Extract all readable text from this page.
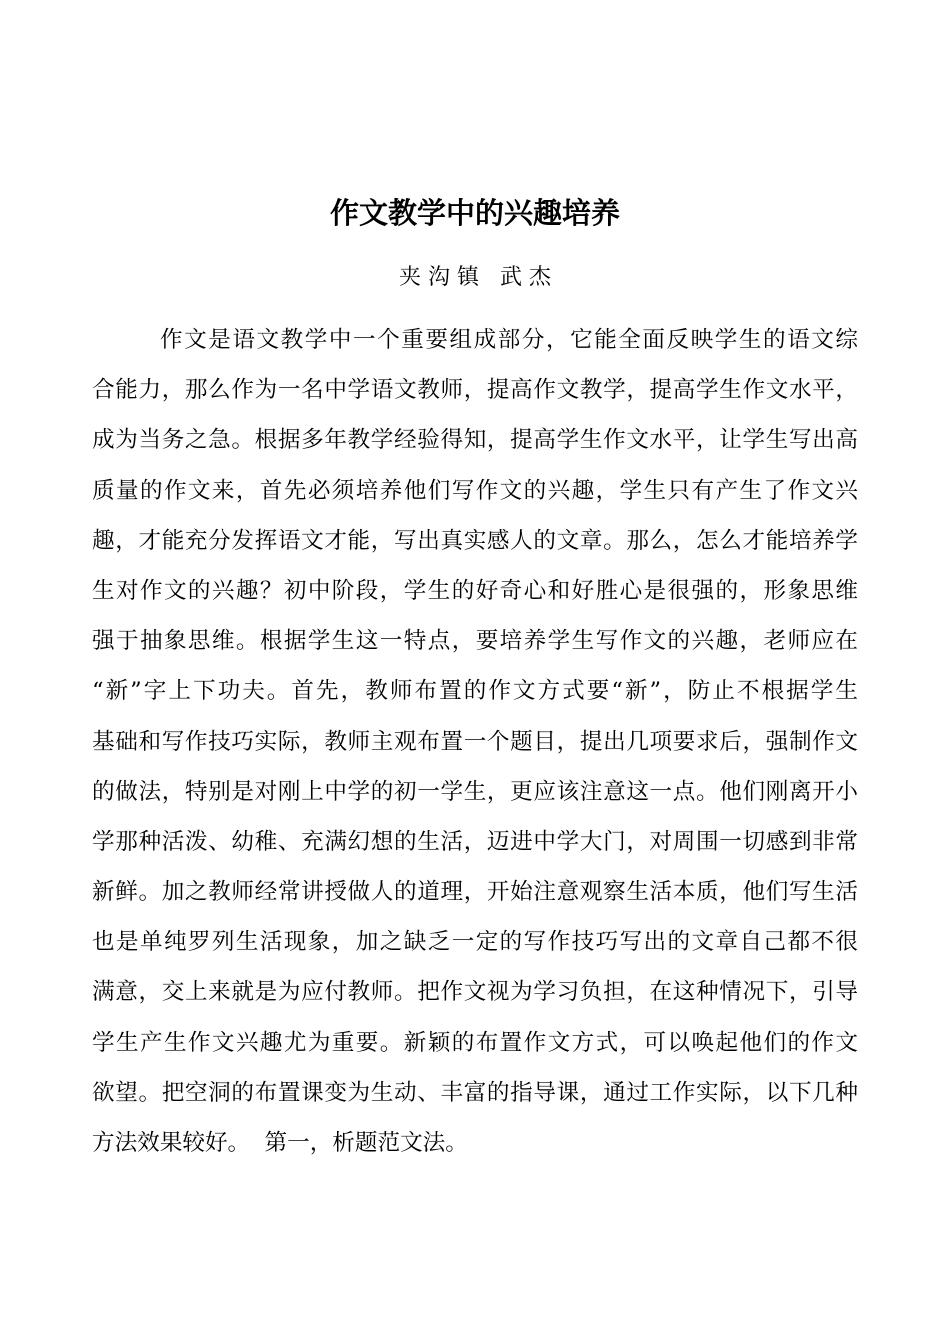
作文教学中的兴趣培养

夹 沟 镇   武 杰

作文是语文教学中一个重要组成部分，它能全面反映学生的语文综
合能力，那么作为一名中学语文教师，提高作文教学，提高学生作文水平，
成为当务之急。根据多年教学经验得知，提高学生作文水平，让学生写出高
质量的作文来，首先必须培养他们写作文的兴趣，学生只有产生了作文兴
趣，才能充分发挥语文才能，写出真实感人的文章。那么，怎么才能培养学
生对作文的兴趣？初中阶段，学生的好奇心和好胜心是很强的，形象思维
强于抽象思维。根据学生这一特点，要培养学生写作文的兴趣，老师应在
“新”字上下功夫。首先，教师布置的作文方式要“新”，防止不根据学生
基础和写作技巧实际，教师主观布置一个题目，提出几项要求后，强制作文
的做法，特别是对刚上中学的初一学生，更应该注意这一点。他们刚离开小
学那种活泼、幼稚、充满幻想的生活，迈进中学大门，对周围一切感到非常
新鲜。加之教师经常讲授做人的道理，开始注意观察生活本质，他们写生活
也是单纯罗列生活现象，加之缺乏一定的写作技巧写出的文章自己都不很
满意，交上来就是为应付教师。把作文视为学习负担，在这种情况下，引导
学生产生作文兴趣尤为重要。新颖的布置作文方式，可以唤起他们的作文
欲望。把空洞的布置课变为生动、丰富的指导课，通过工作实际，以下几种
方法效果较好。  第一，析题范文法。
